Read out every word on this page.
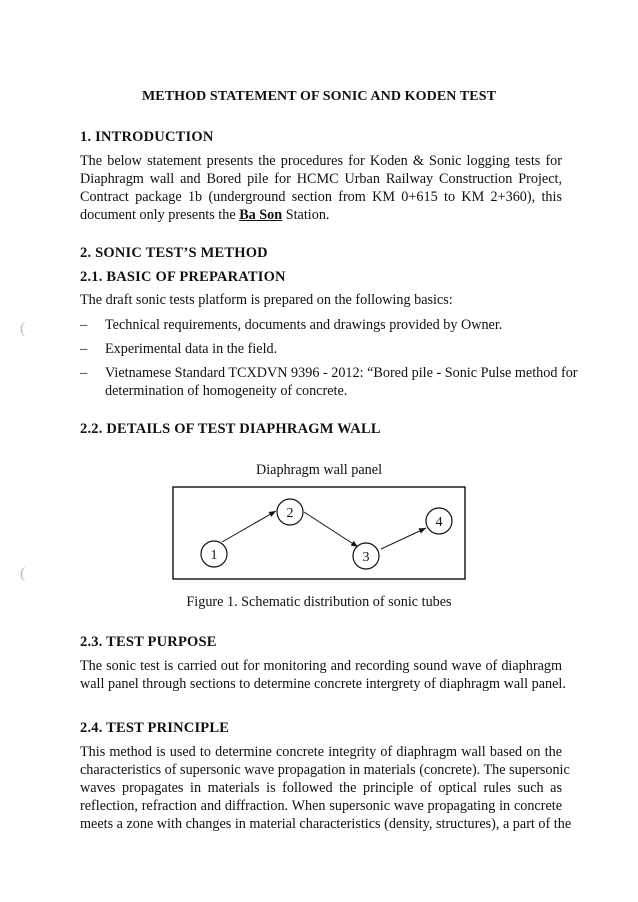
(
(
METHOD STATEMENT OF SONIC AND KODEN TEST
1. INTRODUCTION
The below statement presents the procedures for Koden & Sonic logging tests for
Diaphragm wall and Bored pile for HCMC Urban Railway Construction Project,
Contract package 1b (underground section from KM 0+615 to KM 2+360), this
document only presents the Ba Son Station.
2. SONIC TEST’S METHOD
2.1. BASIC OF PREPARATION
The draft sonic tests platform is prepared on the following basics:
– Technical requirements, documents and drawings provided by Owner.
– Experimental data in the field.
– Vietnamese Standard TCXDVN 9396 - 2012: “Bored pile - Sonic Pulse method for
determination of homogeneity of concrete.
2.2. DETAILS OF TEST DIAPHRAGM WALL
Diaphragm wall panel
1
2
3
4
Figure 1. Schematic distribution of sonic tubes
2.3. TEST PURPOSE
The sonic test is carried out for monitoring and recording sound wave of diaphragm
wall panel through sections to determine concrete intergrety of diaphragm wall panel.
2.4. TEST PRINCIPLE
This method is used to determine concrete integrity of diaphragm wall based on the
characteristics of supersonic wave propagation in materials (concrete). The supersonic
waves propagates in materials is followed the principle of optical rules such as
reflection, refraction and diffraction. When supersonic wave propagating in concrete
meets a zone with changes in material characteristics (density, structures), a part of the
